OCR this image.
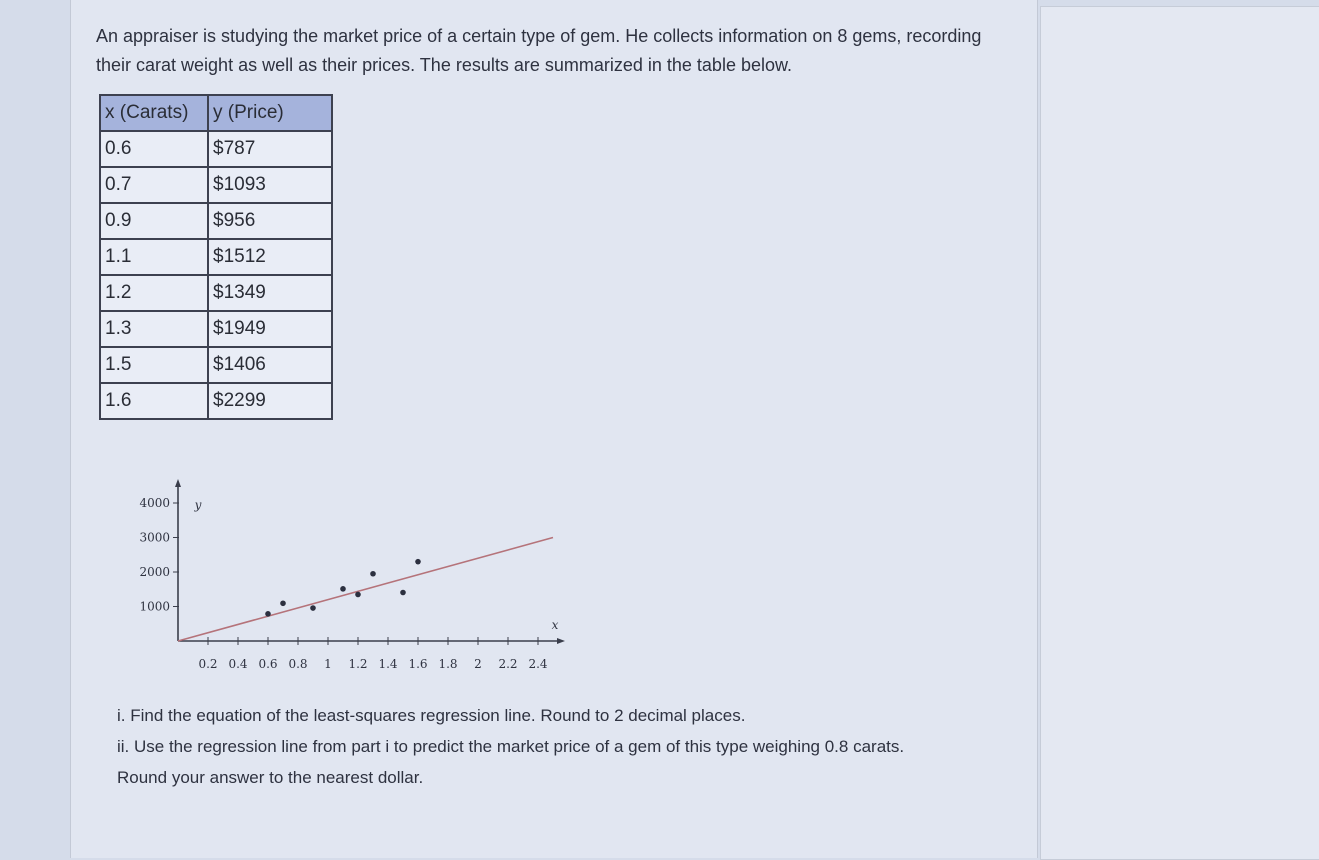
An appraiser is studying the market price of a certain type of gem. He collects information on 8 gems, recording their carat weight as well as their prices. The results are summarized in the table below.
x (Carats)	y (Price)
0.6	$787
0.7	$1093
0.9	$956
1.1	$1512
1.2	$1349
1.3	$1949
1.5	$1406
1.6	$2299
0.2 0.4 0.6 0.8 1 1.2 1.4 1.6 1.8 2 2.2 2.4
1000
2000
3000
4000
x
y

i. Find the equation of the least-squares regression line. Round to 2 decimal places.

ii. Use the regression line from part i to predict the market price of a gem of this type weighing 0.8 carats.

Round your answer to the nearest dollar.
